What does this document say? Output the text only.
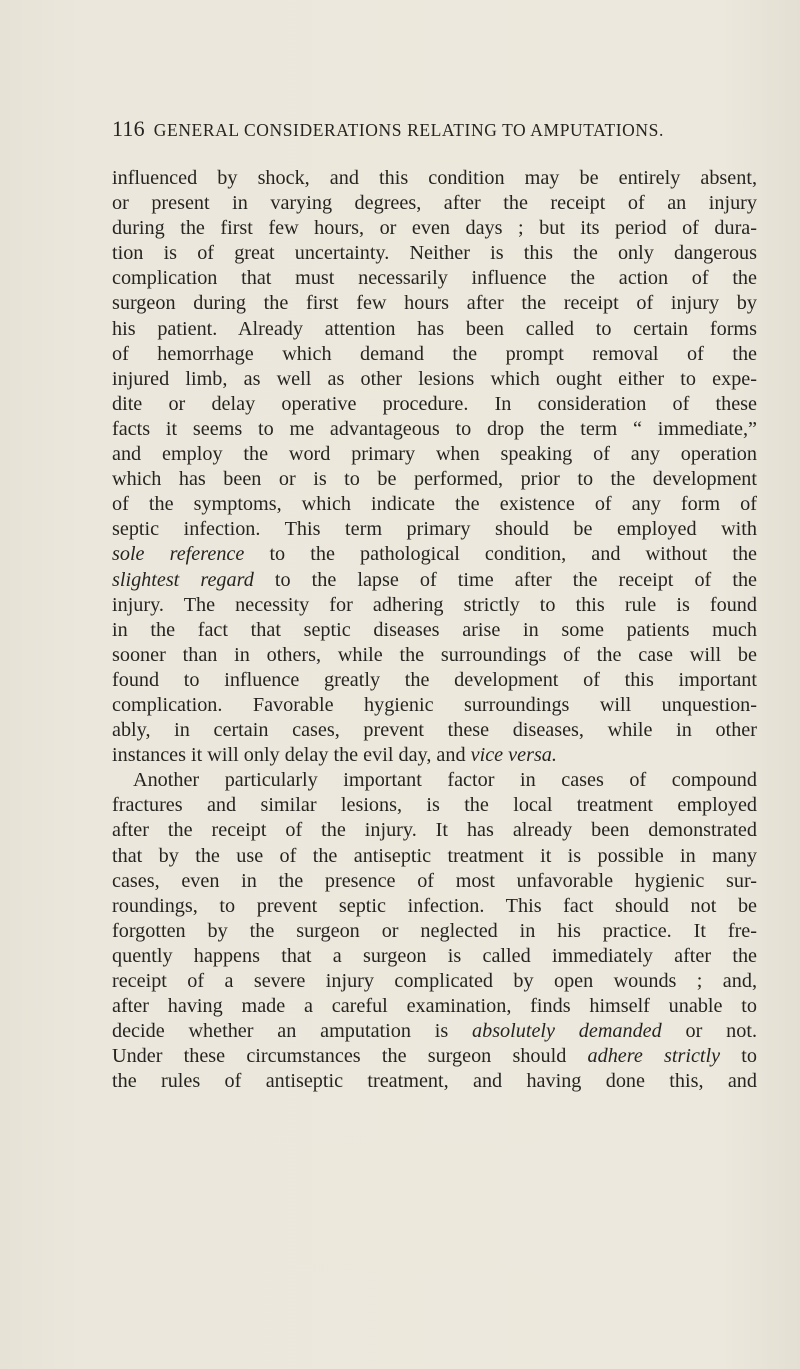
116 GENERAL CONSIDERATIONS RELATING TO AMPUTATIONS.
influenced by shock, and this condition may be entirely absent,
or present in varying degrees, after the receipt of an injury
during the first few hours, or even days ; but its period of dura-
tion is of great uncertainty. Neither is this the only dangerous
complication that must necessarily influence the action of the
surgeon during the first few hours after the receipt of injury by
his patient. Already attention has been called to certain forms
of hemorrhage which demand the prompt removal of the
injured limb, as well as other lesions which ought either to expe-
dite or delay operative procedure. In consideration of these
facts it seems to me advantageous to drop the term “ immediate,”
and employ the word primary when speaking of any operation
which has been or is to be performed, prior to the development
of the symptoms, which indicate the existence of any form of
septic infection. This term primary should be employed with
sole reference to the pathological condition, and without the
slightest regard to the lapse of time after the receipt of the
injury. The necessity for adhering strictly to this rule is found
in the fact that septic diseases arise in some patients much
sooner than in others, while the surroundings of the case will be
found to influence greatly the development of this important
complication. Favorable hygienic surroundings will unquestion-
ably, in certain cases, prevent these diseases, while in other
instances it will only delay the evil day, and vice versa.
Another particularly important factor in cases of compound
fractures and similar lesions, is the local treatment employed
after the receipt of the injury. It has already been demonstrated
that by the use of the antiseptic treatment it is possible in many
cases, even in the presence of most unfavorable hygienic sur-
roundings, to prevent septic infection. This fact should not be
forgotten by the surgeon or neglected in his practice. It fre-
quently happens that a surgeon is called immediately after the
receipt of a severe injury complicated by open wounds ; and,
after having made a careful examination, finds himself unable to
decide whether an amputation is absolutely demanded or not.
Under these circumstances the surgeon should adhere strictly to
the rules of antiseptic treatment, and having done this, and
